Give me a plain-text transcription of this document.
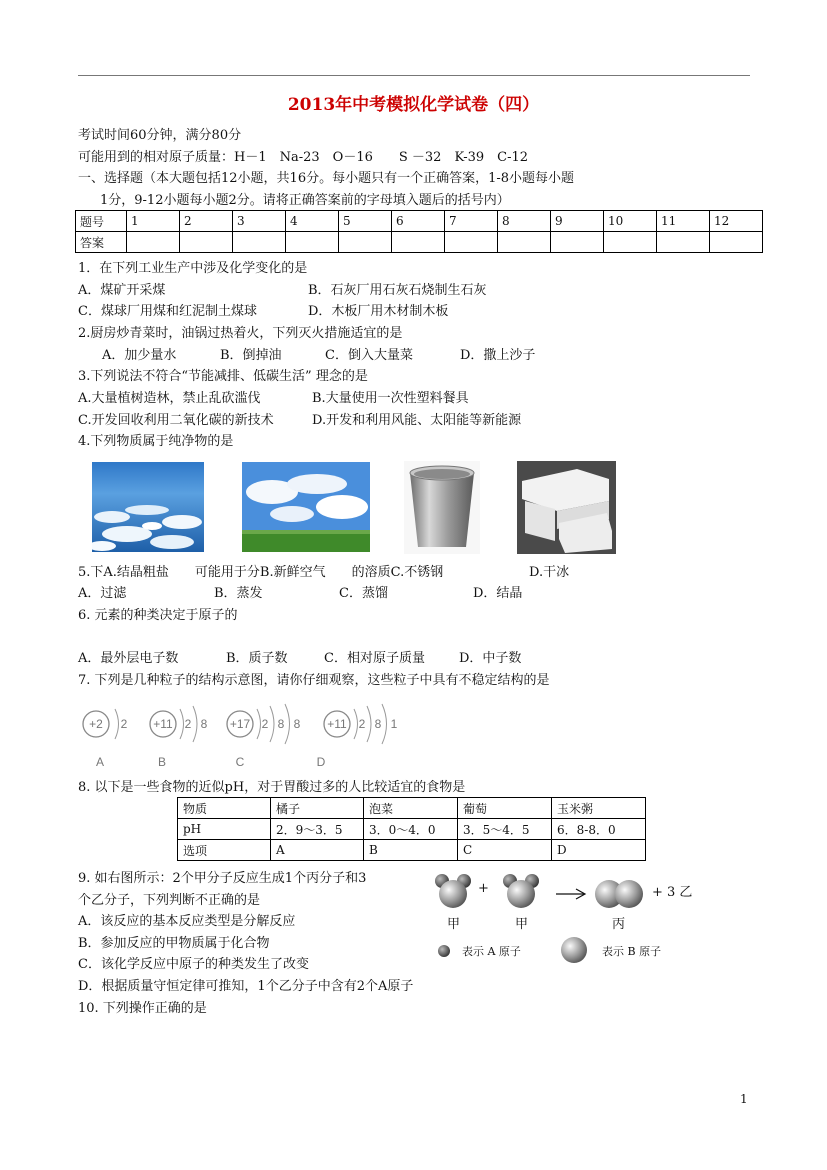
2013年中考模拟化学试卷（四）
考试时间60分钟，满分80分
可能用到的相对原子质量：H－1　Na-23　O－16　　S －32　K-39　C-12
一、选择题（本大题包括12小题，共16分。每小题只有一个正确答案，1-8小题每小题
1分，9-12小题每小题2分。请将正确答案前的字母填入题后的括号内）
题号	1	2	3	4	5	6	7	8	9	10	11	12
答案												
1．在下列工业生产中涉及化学变化的是
A．煤矿开采煤	B．石灰厂用石灰石烧制生石灰
C．煤球厂用煤和红泥制土煤球	D．木板厂用木材制木板
2.厨房炒青菜时，油锅过热着火，下列灭火措施适宜的是
A．加少量水	B．倒掉油	C．倒入大量菜	D．撒上沙子
3.下列说法不符合“节能减排、低碳生活” 理念的是
A.大量植树造林，禁止乱砍滥伐	B.大量使用一次性塑料餐具
C.开发回收利用二氧化碳的新技术	D.开发和利用风能、太阳能等新能源
4.下列物质属于纯净物的是
5.下A.结晶粗盐　　可能用于分B.新鲜空气　　的溶质C.不锈钢	D.干冰
A．过滤	B．蒸发	C．蒸馏	D．结晶
6. 元素的种类决定于原子的
A．最外层电子数	B．质子数	C．相对原子质量	D．中子数
7. 下列是几种粒子的结构示意图，请你仔细观察，这些粒子中具有不稳定结构的是
+2 2
A
+11 2 8
B
+17 2 8 8
C
+11 2 8 1
D
8. 以下是一些食物的近似pH，对于胃酸过多的人比较适宜的食物是
物质	橘子	泡菜	葡萄	玉米粥
pH	2．9～3．5	3．0～4．0	3．5～4．5	6．8-8．0
选项	A	B	C	D
9. 如右图所示：2个甲分子反应生成1个丙分子和3
个乙分子，下列判断不正确的是
A．该反应的基本反应类型是分解反应
B．参加反应的甲物质属于化合物
C．该化学反应中原子的种类发生了改变
D．根据质量守恒定律可推知，1个乙分子中含有2个A原子
+	+ 3 乙
甲	甲	丙
表示 A 原子	表示 B 原子
10. 下列操作正确的是
1
